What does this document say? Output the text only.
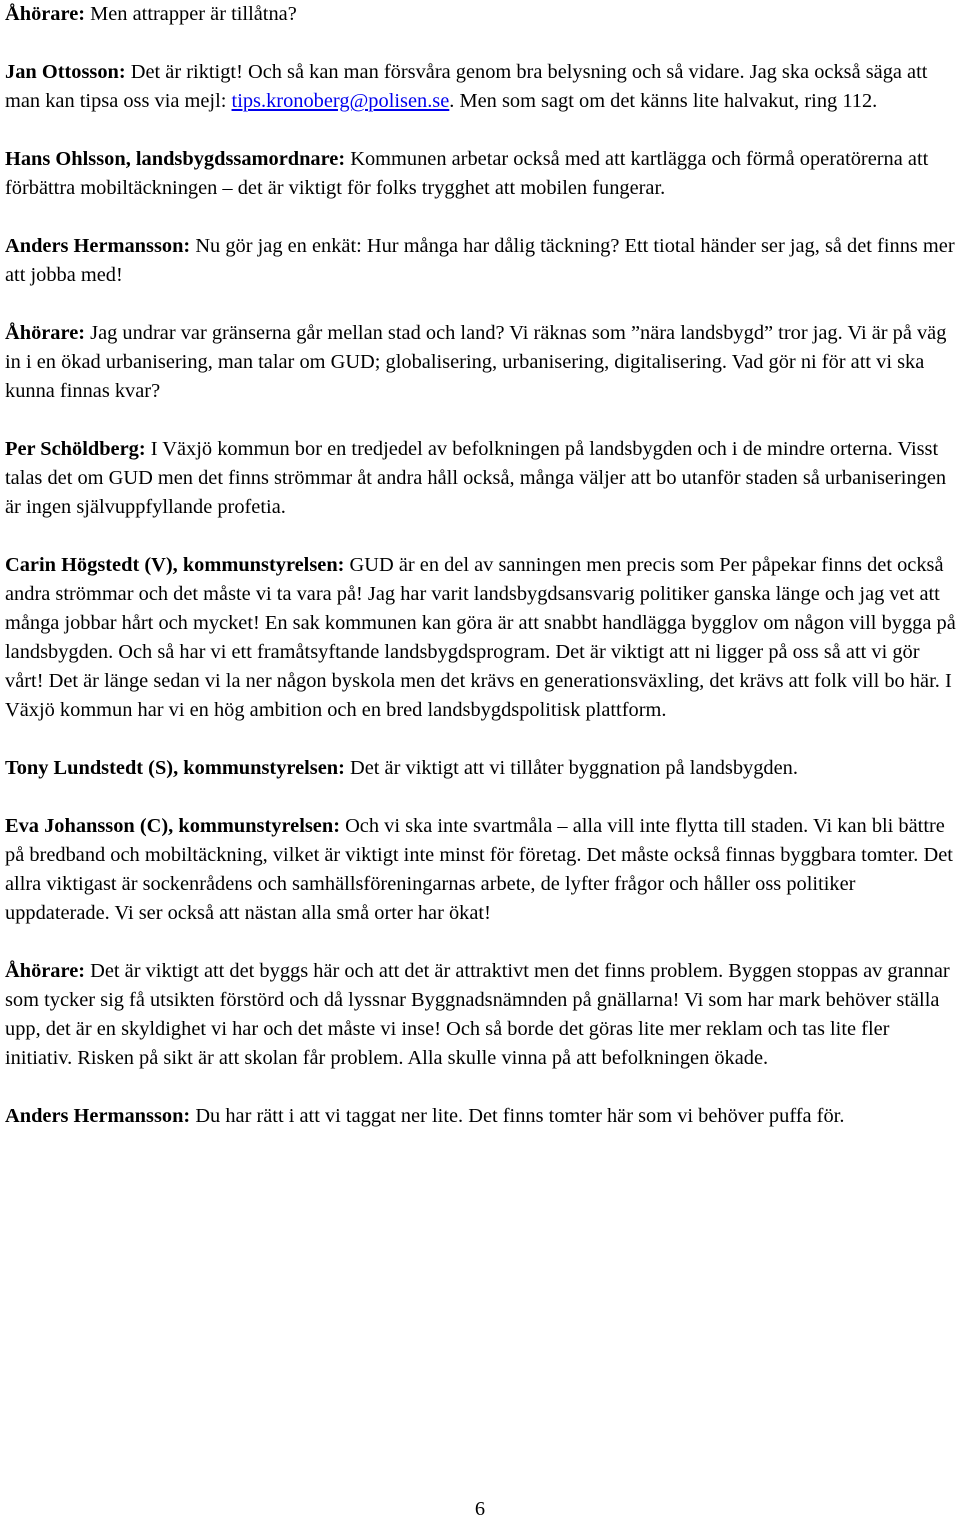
Åhörare: Men attrapper är tillåtna?

Jan Ottosson: Det är riktigt! Och så kan man försvåra genom bra belysning och så vidare. Jag ska också säga att man kan tipsa oss via mejl: tips.kronoberg@polisen.se. Men som sagt om det känns lite halvakut, ring 112.

Hans Ohlsson, landsbygdssamordnare: Kommunen arbetar också med att kartlägga och förmå operatörerna att förbättra mobiltäckningen – det är viktigt för folks trygghet att mobilen fungerar.

Anders Hermansson: Nu gör jag en enkät: Hur många har dålig täckning? Ett tiotal händer ser jag, så det finns mer att jobba med!

Åhörare: Jag undrar var gränserna går mellan stad och land? Vi räknas som ”nära landsbygd” tror jag. Vi är på väg in i en ökad urbanisering, man talar om GUD; globalisering, urbanisering, digitalisering. Vad gör ni för att vi ska kunna finnas kvar?

Per Schöldberg: I Växjö kommun bor en tredjedel av befolkningen på landsbygden och i de mindre orterna. Visst talas det om GUD men det finns strömmar åt andra håll också, många väljer att bo utanför staden så urbaniseringen är ingen självuppfyllande profetia.

Carin Högstedt (V), kommunstyrelsen: GUD är en del av sanningen men precis som Per påpekar finns det också andra strömmar och det måste vi ta vara på! Jag har varit landsbygdsansvarig politiker ganska länge och jag vet att många jobbar hårt och mycket! En sak kommunen kan göra är att snabbt handlägga bygglov om någon vill bygga på landsbygden. Och så har vi ett framåtsyftande landsbygdsprogram. Det är viktigt att ni ligger på oss så att vi gör vårt! Det är länge sedan vi la ner någon byskola men det krävs en generationsväxling, det krävs att folk vill bo här. I Växjö kommun har vi en hög ambition och en bred landsbygdspolitisk plattform.

Tony Lundstedt (S), kommunstyrelsen: Det är viktigt att vi tillåter byggnation på landsbygden.

Eva Johansson (C), kommunstyrelsen: Och vi ska inte svartmåla – alla vill inte flytta till staden. Vi kan bli bättre på bredband och mobiltäckning, vilket är viktigt inte minst för företag. Det måste också finnas byggbara tomter. Det allra viktigast är sockenrådens och samhällsföreningarnas arbete, de lyfter frågor och håller oss politiker uppdaterade. Vi ser också att nästan alla små orter har ökat!

Åhörare: Det är viktigt att det byggs här och att det är attraktivt men det finns problem. Byggen stoppas av grannar som tycker sig få utsikten förstörd och då lyssnar Byggnadsnämnden på gnällarna! Vi som har mark behöver ställa upp, det är en skyldighet vi har och det måste vi inse! Och så borde det göras lite mer reklam och tas lite fler initiativ. Risken på sikt är att skolan får problem. Alla skulle vinna på att befolkningen ökade.

Anders Hermansson: Du har rätt i att vi taggat ner lite. Det finns tomter här som vi behöver puffa för.

6
